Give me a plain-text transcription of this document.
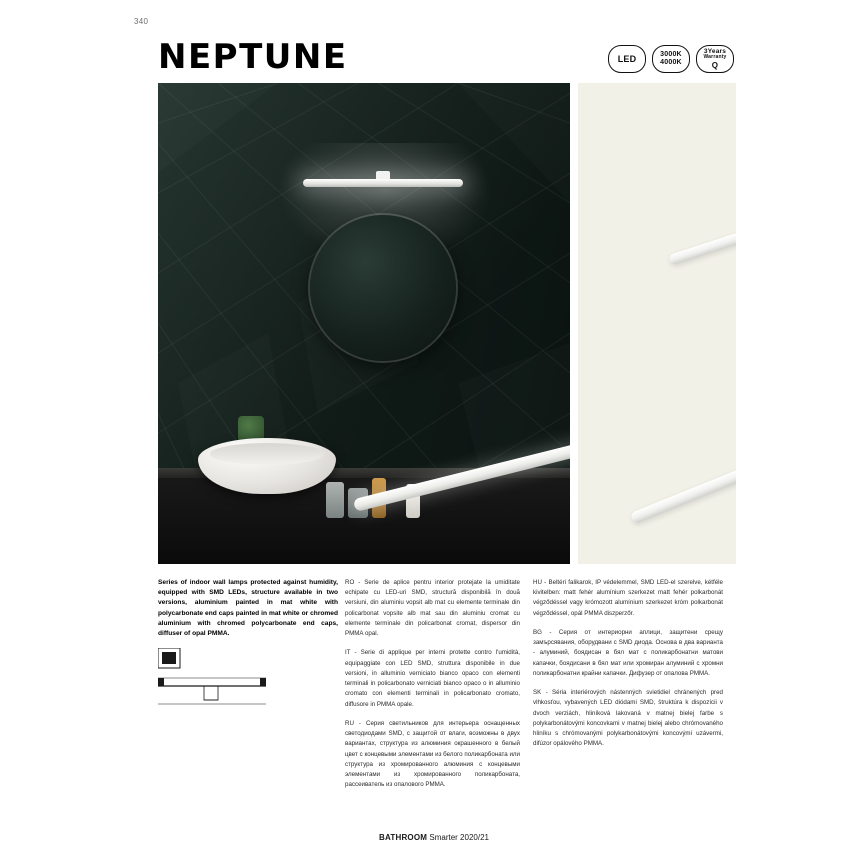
340
NEPTUNE	LED	3000K
4000K
3Years
Warranty
Q

Series of indoor wall lamps protected against humidity, equipped with SMD LEDs, structure available in two versions, aluminium painted in mat white with polycarbonate end caps painted in mat white or chromed aluminium with chromed polycarbonate end caps, diffuser of opal PMMA.

RO - Serie de aplice pentru interior protejate la umiditate echipate cu LED-uri SMD, structură disponibilă în două versiuni, din aluminiu vopsit alb mat cu elemente terminale din policarbonat vopsite alb mat sau din aluminiu cromat cu elemente terminale din policarbonat cromat, dispersor din PMMA opal.

IT - Serie di applique per interni protette contro l'umidità, equipaggiate con LED SMD, struttura disponibile in due versioni, in alluminio verniciato bianco opaco con elementi terminali in policarbonato verniciati bianco opaco o in alluminio cromato con elementi terminali in policarbonato cromato, diffusore in PMMA opale.

RU - Серия светильников для интерьера оснащенных светодиодами SMD, с защитой от влаги, возможны в двух вариантах, структура из алюминия окрашенного в белый цвет с концевыми элементами из белого поликарбоната или структура из хромированного алюминия с концевыми элементами из хромированного поликарбоната, рассеиватель из опалового PMMA.

HU - Beltéri falikarok, IP védelemmel, SMD LED-el szerelve, kétféle kivitelben: matt fehér alumínium szerkezet matt fehér polkarbonát végződéssel vagy krómozott alumínium szerkezet króm polkarbonát végződéssel, opál PMMA diszperzőr.

BG - Серия от интериорни аплици, защитени срещу замърсявания, оборудвани с SMD диода. Основа в два варианта - алуминий, боядисан в бял мат с поликарбонатни матови капачки, боядисани в бял мат или хромиран алуминий с хромни поликарбонатни крайни капачки. Дифузер от опалова PMMA.

SK - Séria interiérových nástenných svietidiel chránených pred vlhkosťou, vybavených LED diódami SMD, štruktúra k dispozícii v dvoch verziách, hliníková lakovaná v matnej bielej farbe s polykarbonátovými koncovkami v matnej bielej alebo chrómovaného hliníku s chrómovanými polykarbonátovými koncovými uzávermi, difúzor opálového PMMA.

BATHROOM Smarter 2020/21
